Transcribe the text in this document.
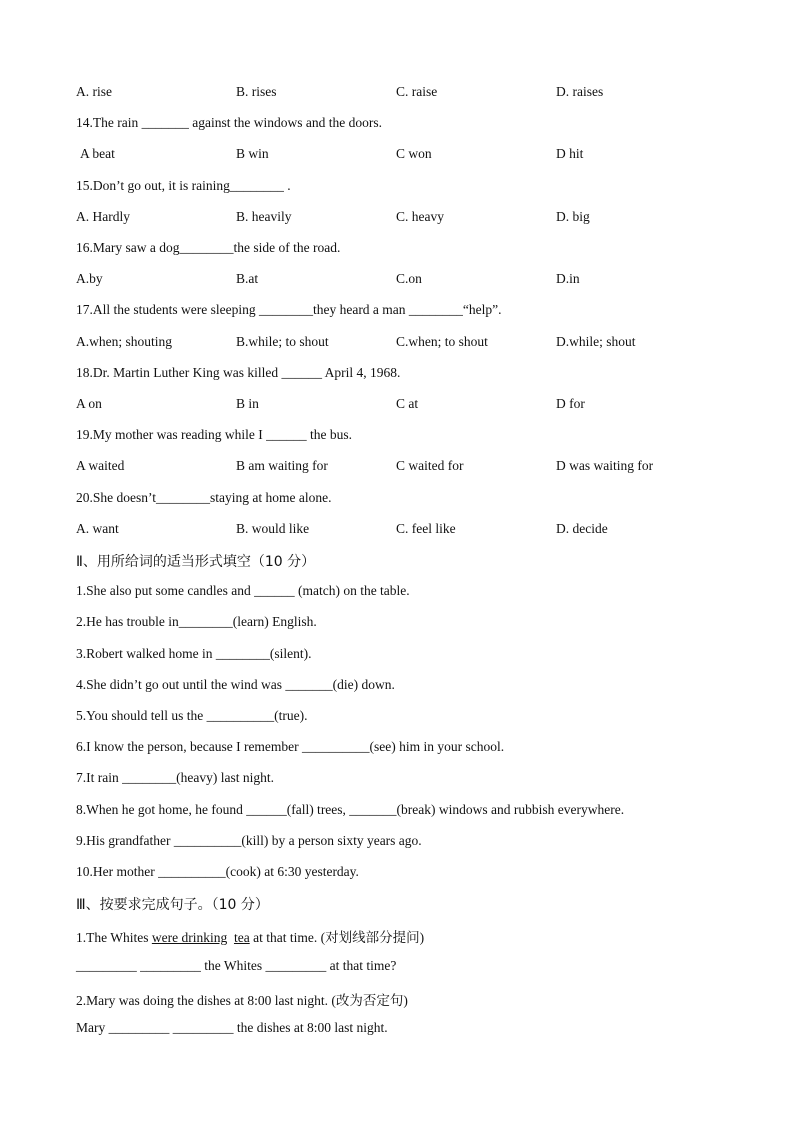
A. rise	B. rises	C. raise	D. raises
14.The rain _______ against the windows and the doors.
A beat	B win	C won	D hit
15.Don’t go out, it is raining________ .
A. Hardly	B. heavily	C. heavy	D. big
16.Mary saw a dog________the side of the road.
A.by	B.at	C.on	D.in
17.All the students were sleeping ________they heard a man ________“help”.
A.when; shouting	B.while; to shout	C.when; to shout	D.while; shout
18.Dr. Martin Luther King was killed ______ April 4, 1968.
A on	B in	C at	D for
19.My mother was reading while I ______ the bus.
A waited	B am waiting for	C waited for	D was waiting for
20.She doesn’t________staying at home alone.
A. want	B. would like	C. feel like	D. decide
Ⅱ、用所给词的适当形式填空（10 分）
1.She also put some candles and ______ (match) on the table.
2.He has trouble in________(learn) English.
3.Robert walked home in ________(silent).
4.She didn’t go out until the wind was _______(die) down.
5.You should tell us the __________(true).
6.I know the person, because I remember __________(see) him in your school.
7.It rain ________(heavy) last night.
8.When he got home, he found ______(fall) trees, _______(break) windows and rubbish everywhere.
9.His grandfather __________(kill) by a person sixty years ago.
10.Her mother __________(cook) at 6:30 yesterday.
Ⅲ、按要求完成句子。（10 分）
1.The Whites were drinking tea at that time. (对划线部分提问)
_________ _________ the Whites _________ at that time?
2.Mary was doing the dishes at 8:00 last night. (改为否定句)
Mary _________ _________ the dishes at 8:00 last night.
